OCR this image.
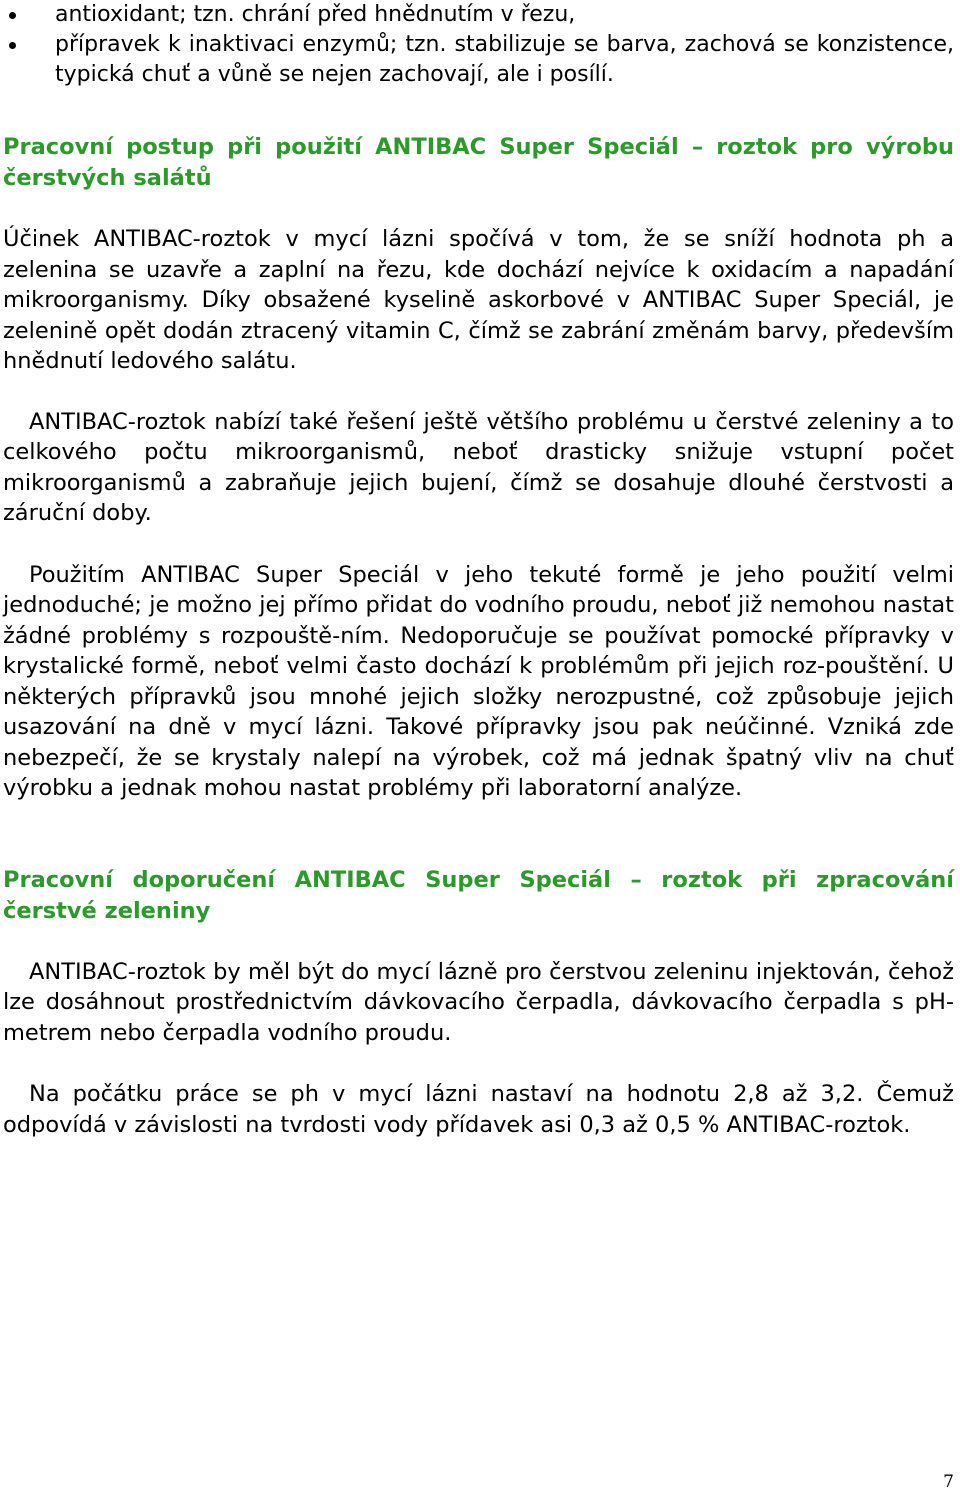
antioxidant; tzn. chrání před hnědnutím v řezu,
přípravek k inaktivaci enzymů; tzn. stabilizuje se barva, zachová se konzistence, typická chuť a vůně se nejen zachovají, ale i posílí.
Pracovní postup při použití ANTIBAC Super Speciál – roztok pro výrobu čerstvých salátů

Účinek ANTIBAC-roztok v mycí lázni spočívá v tom, že se sníží hodnota ph a zelenina se uzavře a zaplní na řezu, kde dochází nejvíce k oxidacím a napadání mikroorganismy. Díky obsažené kyselině askorbové v ANTIBAC Super Speciál, je zelenině opět dodán ztracený vitamin C, čímž se zabrání změnám barvy, především hnědnutí ledového salátu.

ANTIBAC-roztok nabízí také řešení ještě většího problému u čerstvé zeleniny a to celkového počtu mikroorganismů, neboť drasticky snižuje vstupní počet mikroorganismů a zabraňuje jejich bujení, čímž se dosahuje dlouhé čerstvosti a záruční doby.

Použitím ANTIBAC Super Speciál v jeho tekuté formě je jeho použití velmi jednoduché; je možno jej přímo přidat do vodního proudu, neboť již nemohou nastat žádné problémy s rozpouště-ním. Nedoporučuje se používat pomocké přípravky v krystalické formě, neboť velmi často dochází k problémům při jejich roz-pouštění. U některých přípravků jsou mnohé jejich složky nerozpustné, což způsobuje jejich usazování na dně v mycí lázni. Takové přípravky jsou pak neúčinné. Vzniká zde nebezpečí, že se krystaly nalepí na výrobek, což má jednak špatný vliv na chuť výrobku a jednak mohou nastat problémy při laboratorní analýze.

Pracovní doporučení ANTIBAC Super Speciál – roztok při zpracování čerstvé zeleniny

ANTIBAC-roztok by měl být do mycí lázně pro čerstvou zeleninu injektován, čehož lze dosáhnout prostřednictvím dávkovacího čerpadla, dávkovacího čerpadla s pH-metrem nebo čerpadla vodního proudu.

Na počátku práce se ph v mycí lázni nastaví na hodnotu 2,8 až 3,2. Čemuž odpovídá v závislosti na tvrdosti vody přídavek asi 0,3 až 0,5 % ANTIBAC-roztok.

7
